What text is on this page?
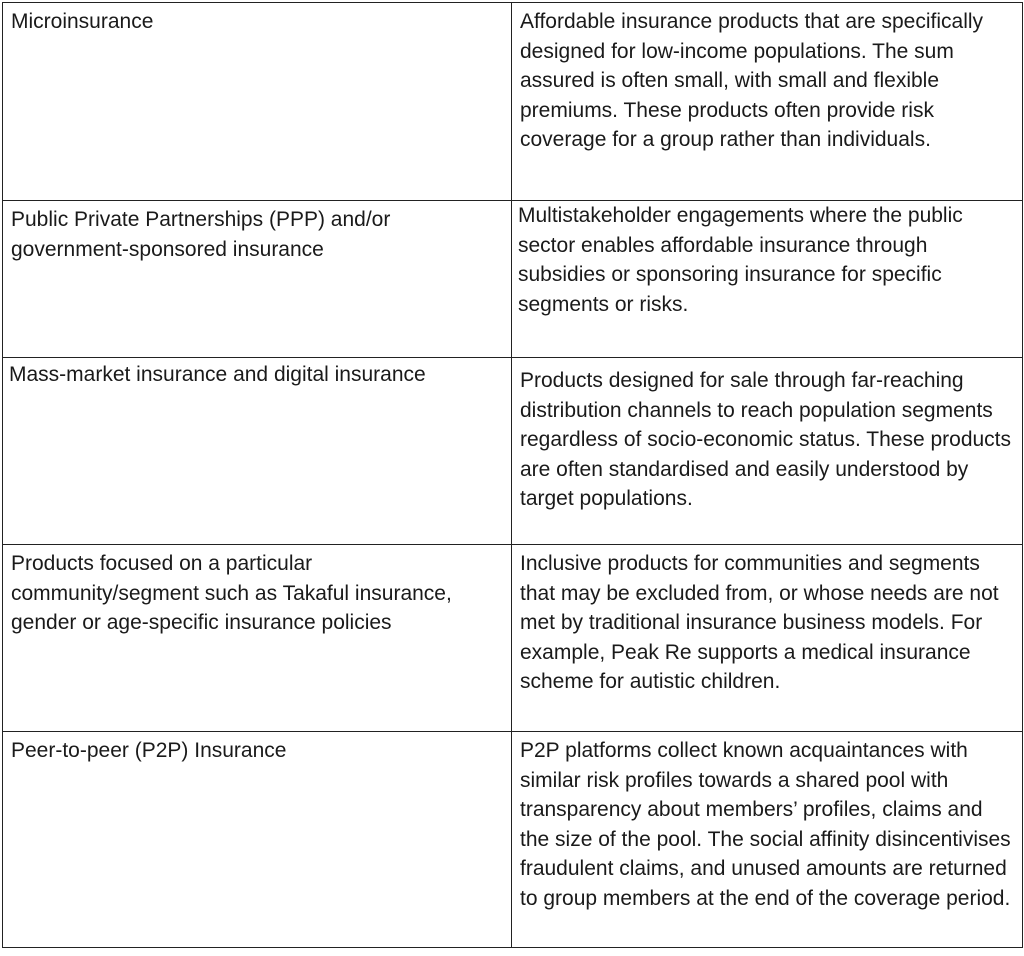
Microinsurance	Affordable insurance products that are specifically designed for low-income populations. The sum assured is often small, with small and flexible premiums. These products often provide risk coverage for a group rather than individuals.
Public Private Partnerships (PPP) and/or government-sponsored insurance	Multistakeholder engagements where the public sector enables affordable insurance through subsidies or sponsoring insurance for specific segments or risks.
Mass-market insurance and digital insurance	Products designed for sale through far-reaching distribution channels to reach population segments regardless of socio-economic status. These products are often standardised and easily understood by target populations.
Products focused on a particular community/segment such as Takaful insurance, gender or age-specific insurance policies	Inclusive products for communities and segments that may be excluded from, or whose needs are not met by traditional insurance business models. For example, Peak Re supports a medical insurance scheme for autistic children.
Peer-to-peer (P2P) Insurance	P2P platforms collect known acquaintances with similar risk profiles towards a shared pool with transparency about members’ profiles, claims and the size of the pool. The social affinity disincentivises fraudulent claims, and unused amounts are returned to group members at the end of the coverage period.
